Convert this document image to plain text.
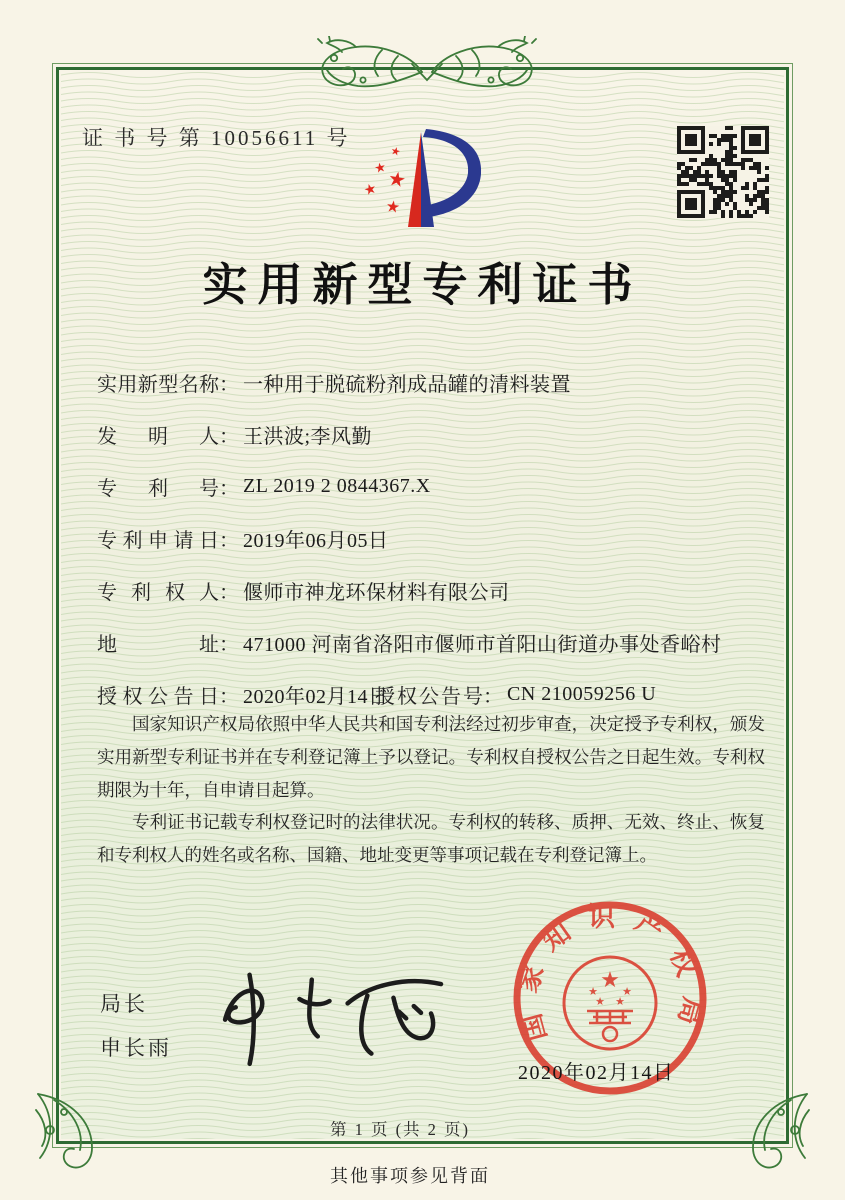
证 书 号 第 10056611 号
★
★
★
★
★
实用新型专利证书
实用新型名称 ： 一种用于脱硫粉剂成品罐的清料装置
发明人 ： 王洪波;李风勤
专利号 ： ZL 2019 2 0844367.X
专利申请日 ： 2019年06月05日
专利权人 ： 偃师市神龙环保材料有限公司
地址 ： 471000 河南省洛阳市偃师市首阳山街道办事处香峪村
授权公告日 ： 2020年02月14日
授权公告号 ： CN 210059256 U

国家知识产权局依照中华人民共和国专利法经过初步审查，决定授予专利权，颁发实用新型专利证书并在专利登记簿上予以登记。专利权自授权公告之日起生效。专利权期限为十年，自申请日起算。

专利证书记载专利权登记时的法律状况。专利权的转移、质押、无效、终止、恢复和专利权人的姓名或名称、国籍、地址变更等事项记载在专利登记簿上。

局长
申长雨
国家知识产权局
★
★ ★
★ ★
2020年02月14日
第 1 页 (共 2 页)
其他事项参见背面
